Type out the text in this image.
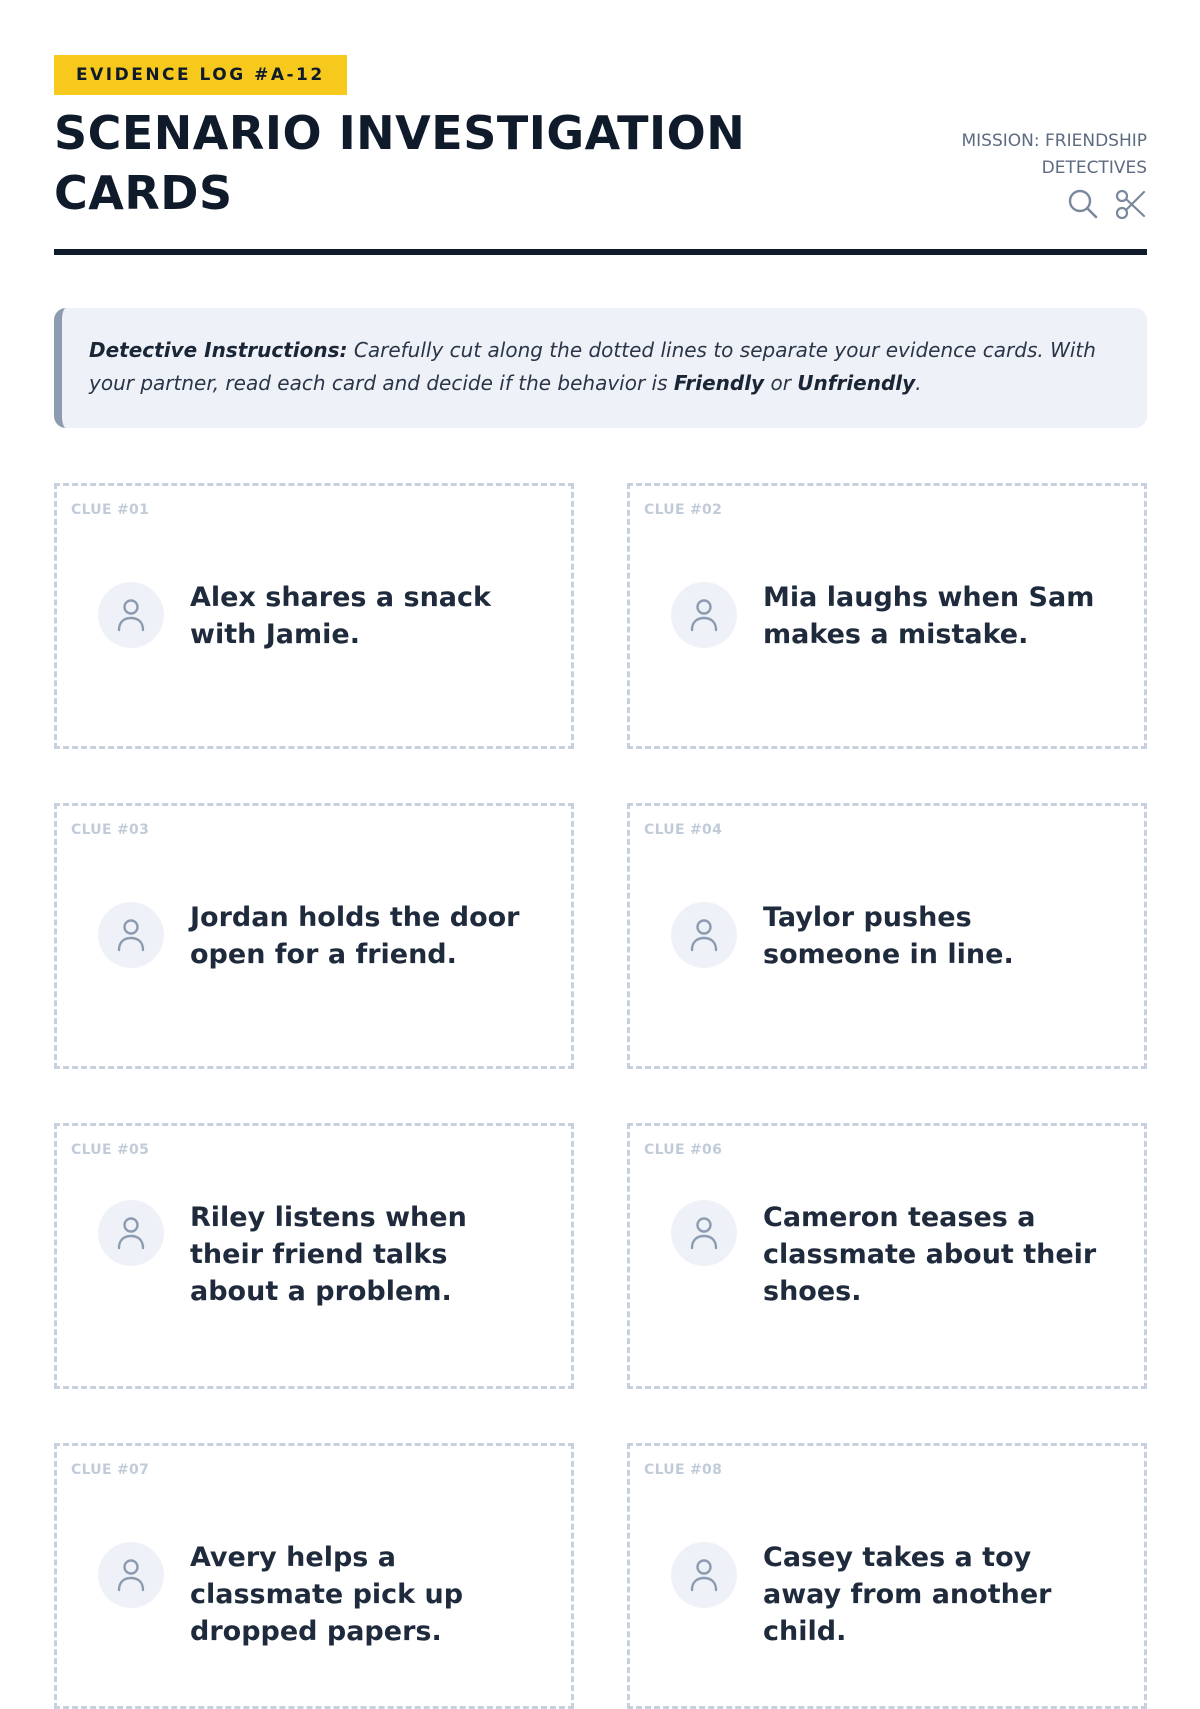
EVIDENCE LOG #A-12
SCENARIO INVESTIGATION CARDS
MISSION: FRIENDSHIP
DETECTIVES
Detective Instructions: Carefully cut along the dotted lines to separate your evidence cards. With your partner, read each card and decide if the behavior is Friendly or Unfriendly.
CLUE #01

Alex shares a snack with Jamie.

CLUE #02

Mia laughs when Sam makes a mistake.

CLUE #03

Jordan holds the door open for a friend.

CLUE #04

Taylor pushes someone in line.

CLUE #05

Riley listens when their friend talks about a problem.

CLUE #06

Cameron teases a classmate about their shoes.

CLUE #07

Avery helps a classmate pick up dropped papers.

CLUE #08

Casey takes a toy away from another child.
